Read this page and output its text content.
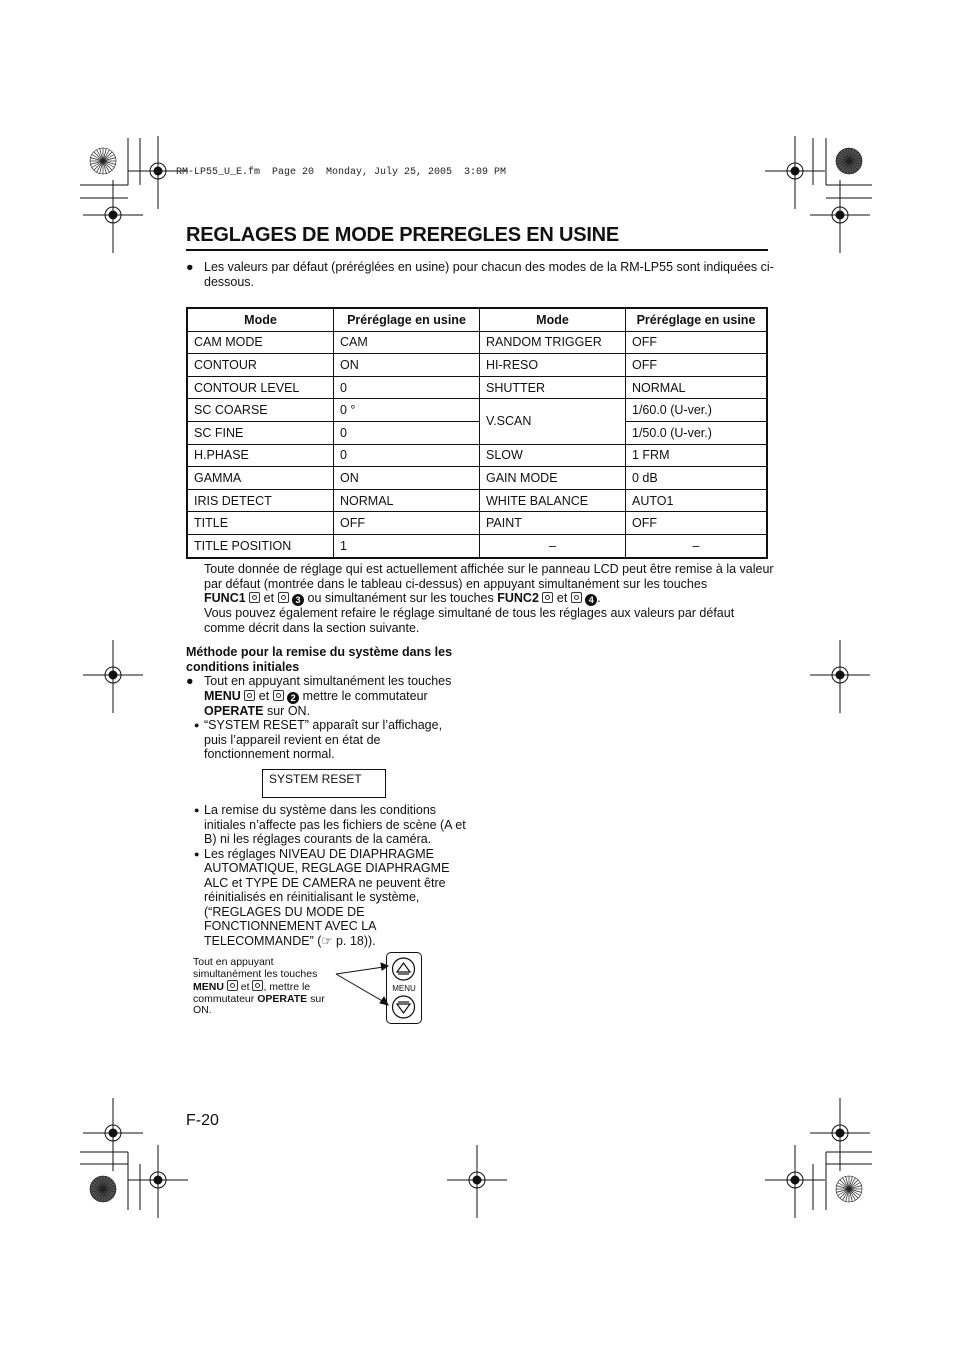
RM-LP55_U_E.fm  Page 20  Monday, July 25, 2005  3:09 PM
REGLAGES DE MODE PREREGLES EN USINE
● Les valeurs par défaut (préréglées en usine) pour chacun des modes de la RM-LP55 sont indiquées ci-dessous.
Mode	Préréglage en usine	Mode	Préréglage en usine
CAM MODE	CAM	RANDOM TRIGGER	OFF
CONTOUR	ON	HI-RESO	OFF
CONTOUR LEVEL	0	SHUTTER	NORMAL
SC COARSE	0 °	V.SCAN	1/60.0 (U-ver.)
SC FINE	0		1/50.0 (U-ver.)
H.PHASE	0	SLOW	1 FRM
GAMMA	ON	GAIN MODE	0 dB
IRIS DETECT	NORMAL	WHITE BALANCE	AUTO1
TITLE	OFF	PAINT	OFF
TITLE POSITION	1	–	–
Toute donnée de réglage qui est actuellement affichée sur le panneau LCD peut être remise à la valeur par défaut (montrée dans le tableau ci-dessus) en appuyant simultanément sur les touches
FUNC1 et 3 ou simultanément sur les touches FUNC2 et 4 .
Vous pouvez également refaire le réglage simultané de tous les réglages aux valeurs par défaut comme décrit dans la section suivante.
Méthode pour la remise du système dans les conditions initiales
● Tout en appuyant simultanément les touches MENU et 2 mettre le commutateur OPERATE sur ON.
● “SYSTEM RESET” apparaît sur l’affichage, puis l’appareil revient en état de fonctionnement normal.
SYSTEM RESET
● La remise du système dans les conditions initiales n’affecte pas les fichiers de scène (A et B) ni les réglages courants de la caméra.
● Les réglages NIVEAU DE DIAPHRAGME AUTOMATIQUE, REGLAGE DIAPHRAGME ALC et TYPE DE CAMERA ne peuvent être réinitialisés en réinitialisant le système, (“REGLAGES DU MODE DE FONCTIONNEMENT AVEC LA TELECOMMANDE” (☞ p. 18)).
Tout en appuyant simultanément les touches MENU et , mettre le commutateur OPERATE sur ON.
MENU
F-20
